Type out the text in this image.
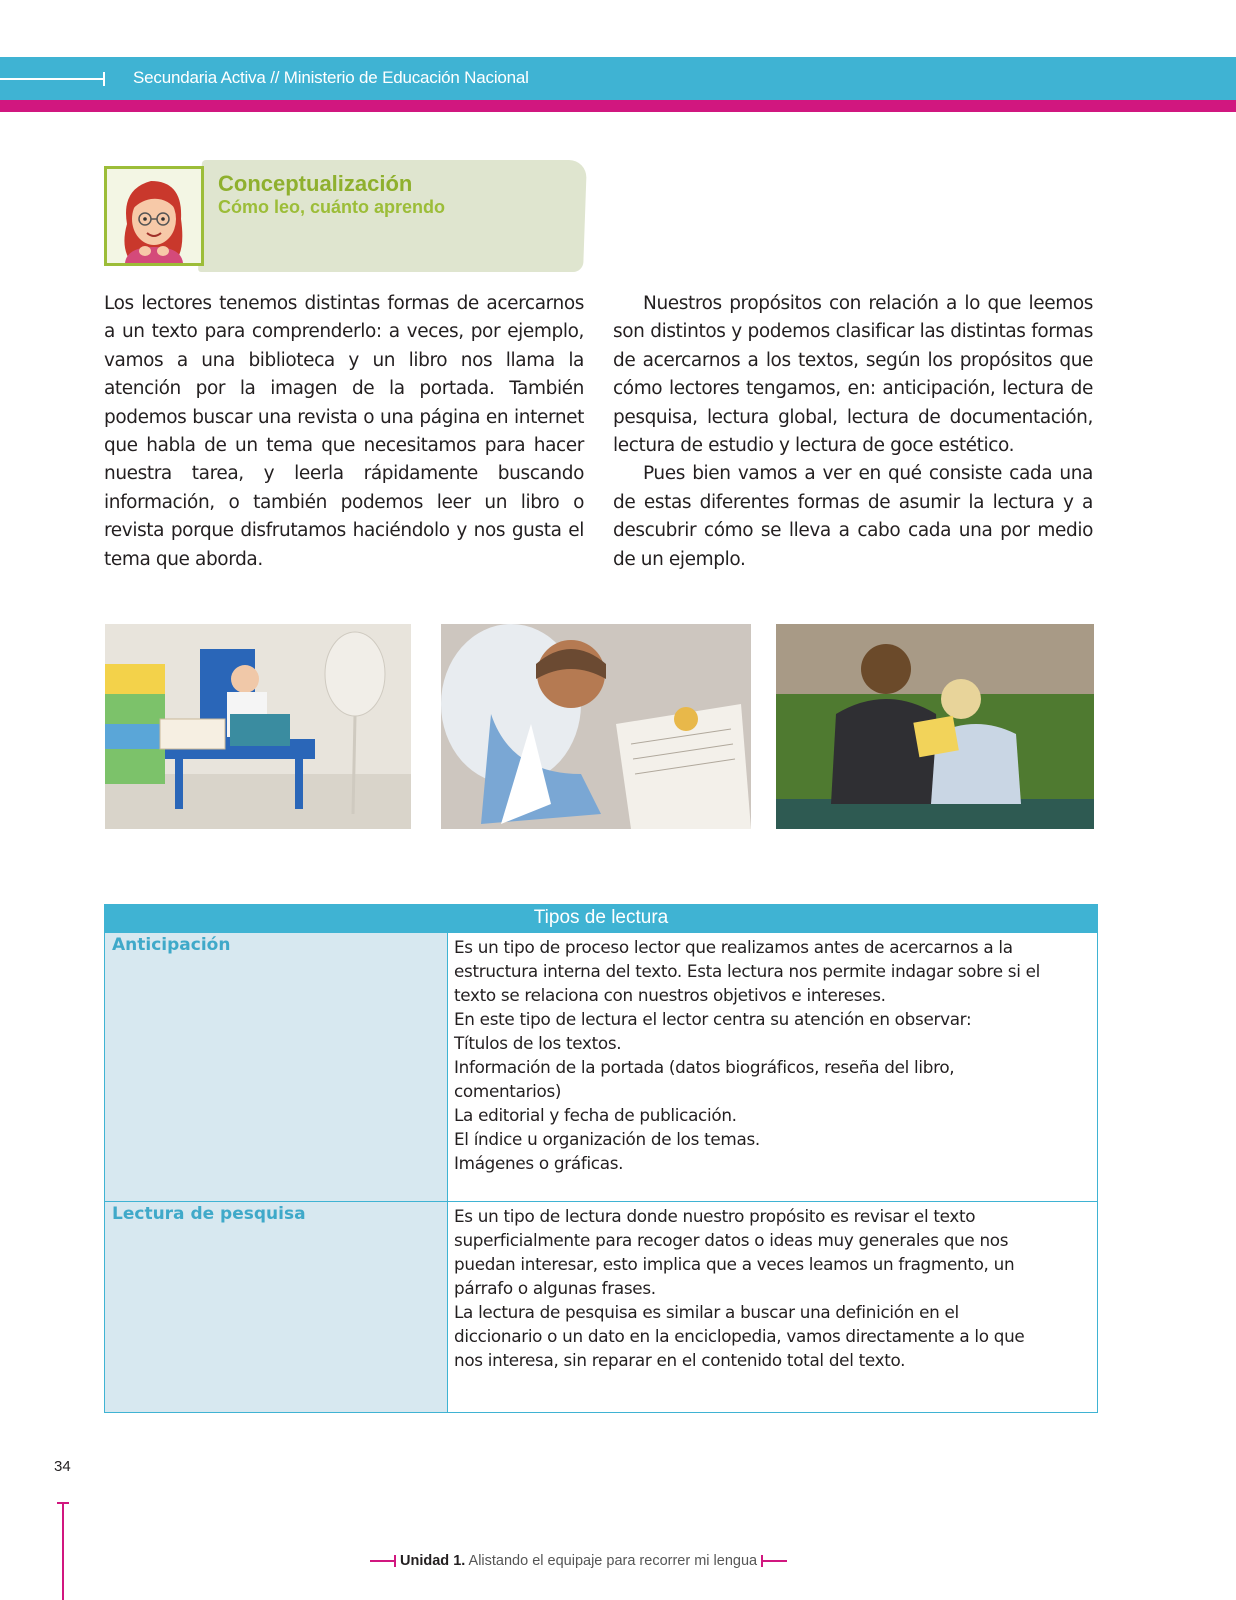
Secundaria Activa // Ministerio de Educación Nacional
Conceptualización
Cómo leo, cuánto aprendo

Los lectores tenemos distintas formas de acercarnos a un texto para comprenderlo: a veces, por ejemplo, vamos a una biblioteca y un libro nos llama la atención por la imagen de la portada. También podemos buscar una revista o una página en internet que habla de un tema que necesitamos para hacer nuestra tarea, y leerla rápidamente buscando información, o también podemos leer un libro o revista porque disfrutamos haciéndolo y nos gusta el tema que aborda.

Nuestros propósitos con relación a lo que leemos son distintos y podemos clasificar las distintas formas de acercarnos a los textos, según los propósitos que cómo lectores tengamos, en: anticipación, lectura de pesquisa, lectura global, lectura de documentación, lectura de estudio y lectura de goce estético.

Pues bien vamos a ver en qué consiste cada una de estas diferentes formas de asumir la lectura y a descubrir cómo se lleva a cabo cada una por medio de un ejemplo.

Tipos de lectura
Anticipación	Es un tipo de proceso lector que realizamos antes de acercarnos a la
estructura interna del texto. Esta lectura nos permite indagar sobre si el
texto se relaciona con nuestros objetivos e intereses.
En este tipo de lectura el lector centra su atención en observar:
Títulos de los textos.
Información de la portada (datos biográficos, reseña del libro,
comentarios)
La editorial y fecha de publicación.
El índice u organización de los temas.
Imágenes o gráficas.
Lectura de pesquisa	Es un tipo de lectura donde nuestro propósito es revisar el texto
superficialmente para recoger datos o ideas muy generales que nos
puedan interesar, esto implica que a veces leamos un fragmento, un
párrafo o algunas frases.
La lectura de pesquisa es similar a buscar una definición en el
diccionario o un dato en la enciclopedia, vamos directamente a lo que
nos interesa, sin reparar en el contenido total del texto.
34
Unidad 1. Alistando el equipaje para recorrer mi lengua
